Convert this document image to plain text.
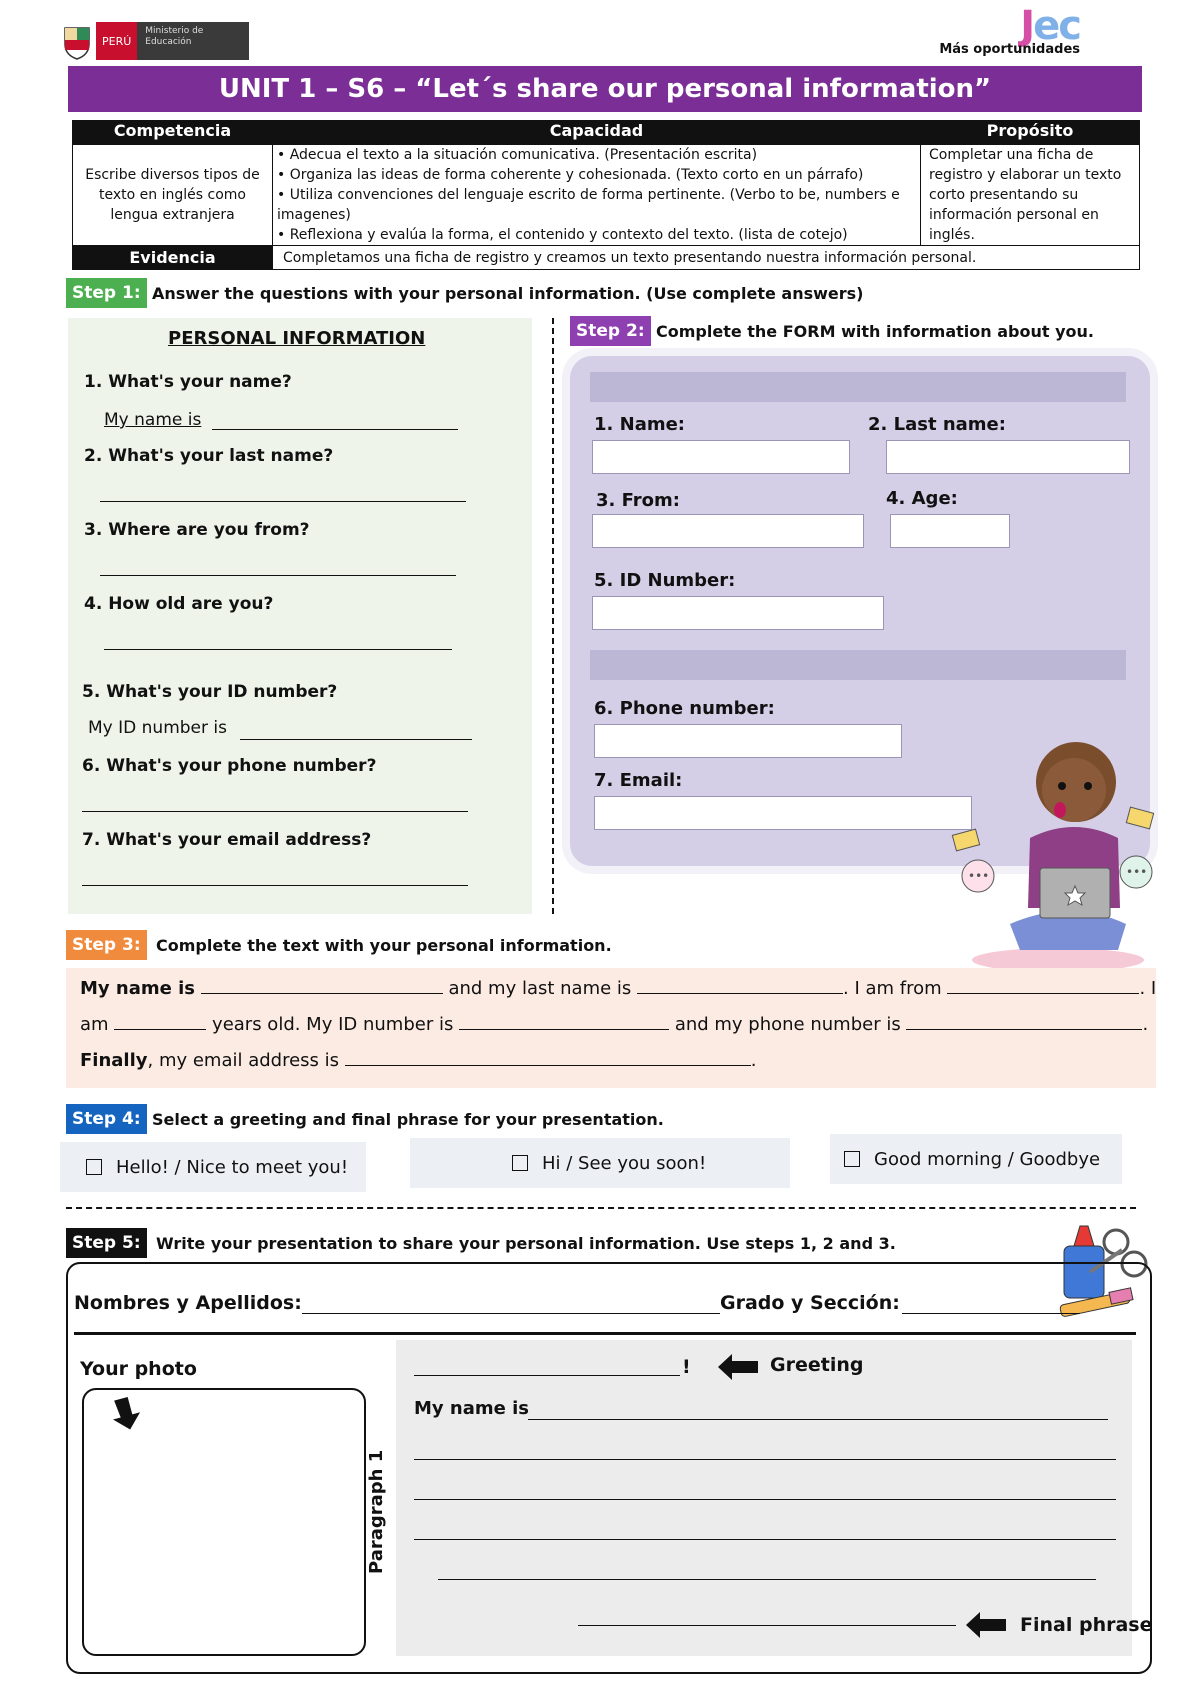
PERÚ
Ministerio de Educación	Jec
Más oportunidades
UNIT 1 – S6 – “Let´s share our personal information”
Competencia	Capacidad	Propósito
Escribe diversos tipos de texto en inglés como lengua extranjera	• Adecua el texto a la situación comunicativa. (Presentación escrita)
• Organiza las ideas de forma coherente y cohesionada. (Texto corto en un párrafo)
• Utiliza convenciones del lenguaje escrito de forma pertinente. (Verbo to be, numbers e imagenes)
• Reflexiona y evalúa la forma, el contenido y contexto del texto. (lista de cotejo)	Completar una ficha de registro y elaborar un texto corto presentando su información personal en inglés.
Evidencia	Completamos una ficha de registro y creamos un texto presentando nuestra información personal.	
Step 1: Answer the questions with your personal information. (Use complete answers)
PERSONAL INFORMATION
1. What's your name?
My name is
2. What's your last name?
3. Where are you from?
4. How old are you?
5. What's your ID number?
My ID number is
6. What's your phone number?
7. What's your email address?
Step 2: Complete the FORM with information about you.
1. Name:	2. Last name:
3. From:	4. Age:
5. ID Number:
6. Phone number:
7. Email:
•••	•••
Step 3: Complete the text with your personal information.
My name is	and my last name is	. I am from	. I
am	years old. My ID number is	and my phone number is	.
Finally, my email address is	.
Step 4: Select a greeting and final phrase for your presentation.
Hello! / Nice to meet you!	Hi / See you soon!	Good morning / Goodbye
Step 5: Write your presentation to share your personal information. Use steps 1, 2 and 3.
Nombres y Apellidos:	Grado y Sección:
Your photo	!	Greeting
My name is
Paragraph 1
Final phrase
